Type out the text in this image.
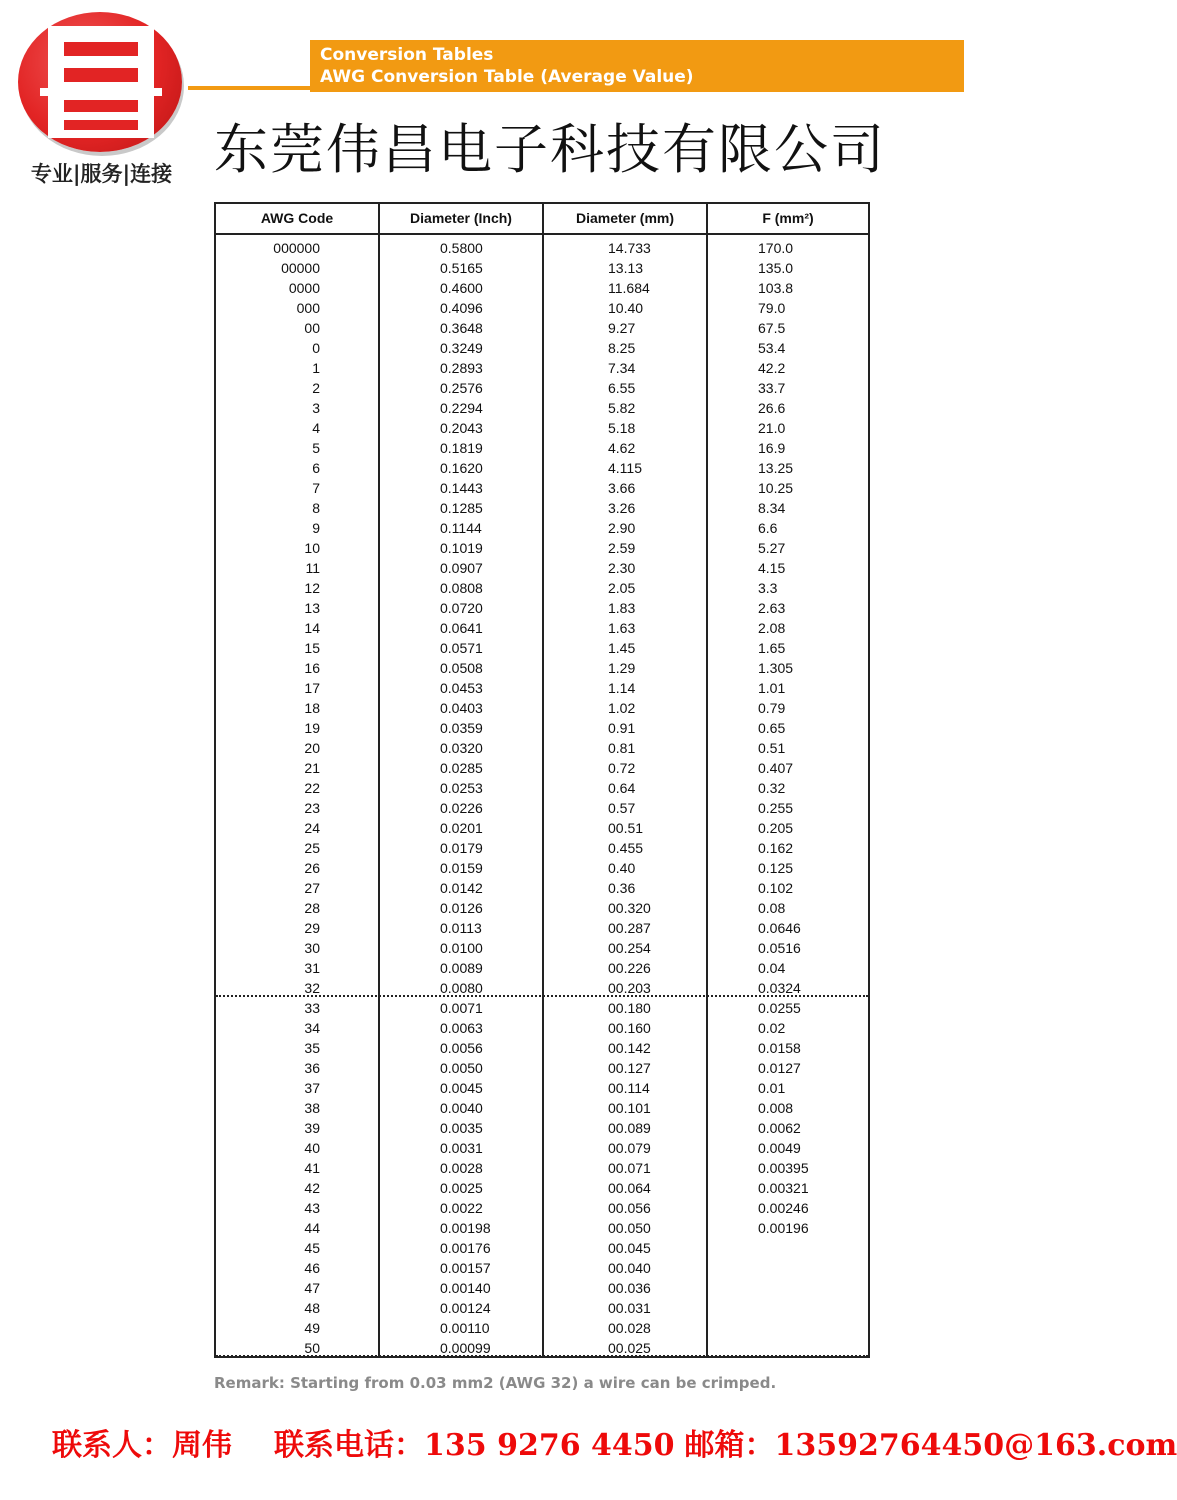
专业|服务|连接
Conversion Tables
AWG Conversion Table (Average Value)
东莞伟昌电子科技有限公司
AWG Code	Diameter (Inch)	Diameter (mm)	F (mm²)
000000	0.5800	14.733	170.0
00000	0.5165	13.13	135.0
0000	0.4600	11.684	103.8
000	0.4096	10.40	79.0
00	0.3648	9.27	67.5
0	0.3249	8.25	53.4
1	0.2893	7.34	42.2
2	0.2576	6.55	33.7
3	0.2294	5.82	26.6
4	0.2043	5.18	21.0
5	0.1819	4.62	16.9
6	0.1620	4.115	13.25
7	0.1443	3.66	10.25
8	0.1285	3.26	8.34
9	0.1144	2.90	6.6
10	0.1019	2.59	5.27
11	0.0907	2.30	4.15
12	0.0808	2.05	3.3
13	0.0720	1.83	2.63
14	0.0641	1.63	2.08
15	0.0571	1.45	1.65
16	0.0508	1.29	1.305
17	0.0453	1.14	1.01
18	0.0403	1.02	0.79
19	0.0359	0.91	0.65
20	0.0320	0.81	0.51
21	0.0285	0.72	0.407
22	0.0253	0.64	0.32
23	0.0226	0.57	0.255
24	0.0201	00.51	0.205
25	0.0179	0.455	0.162
26	0.0159	0.40	0.125
27	0.0142	0.36	0.102
28	0.0126	00.320	0.08
29	0.0113	00.287	0.0646
30	0.0100	00.254	0.0516
31	0.0089	00.226	0.04
32	0.0080	00.203	0.0324
33	0.0071	00.180	0.0255
34	0.0063	00.160	0.02
35	0.0056	00.142	0.0158
36	0.0050	00.127	0.0127
37	0.0045	00.114	0.01
38	0.0040	00.101	0.008
39	0.0035	00.089	0.0062
40	0.0031	00.079	0.0049
41	0.0028	00.071	0.00395
42	0.0025	00.064	0.00321
43	0.0022	00.056	0.00246
44	0.00198	00.050	0.00196
45	0.00176	00.045
46	0.00157	00.040
47	0.00140	00.036
48	0.00124	00.031
49	0.00110	00.028
50	0.00099	00.025
Remark: Starting from 0.03 mm2 (AWG 32) a wire can be crimped.
联系人：周伟 联系电话：135 9276 4450 邮箱：13592764450@163.com
